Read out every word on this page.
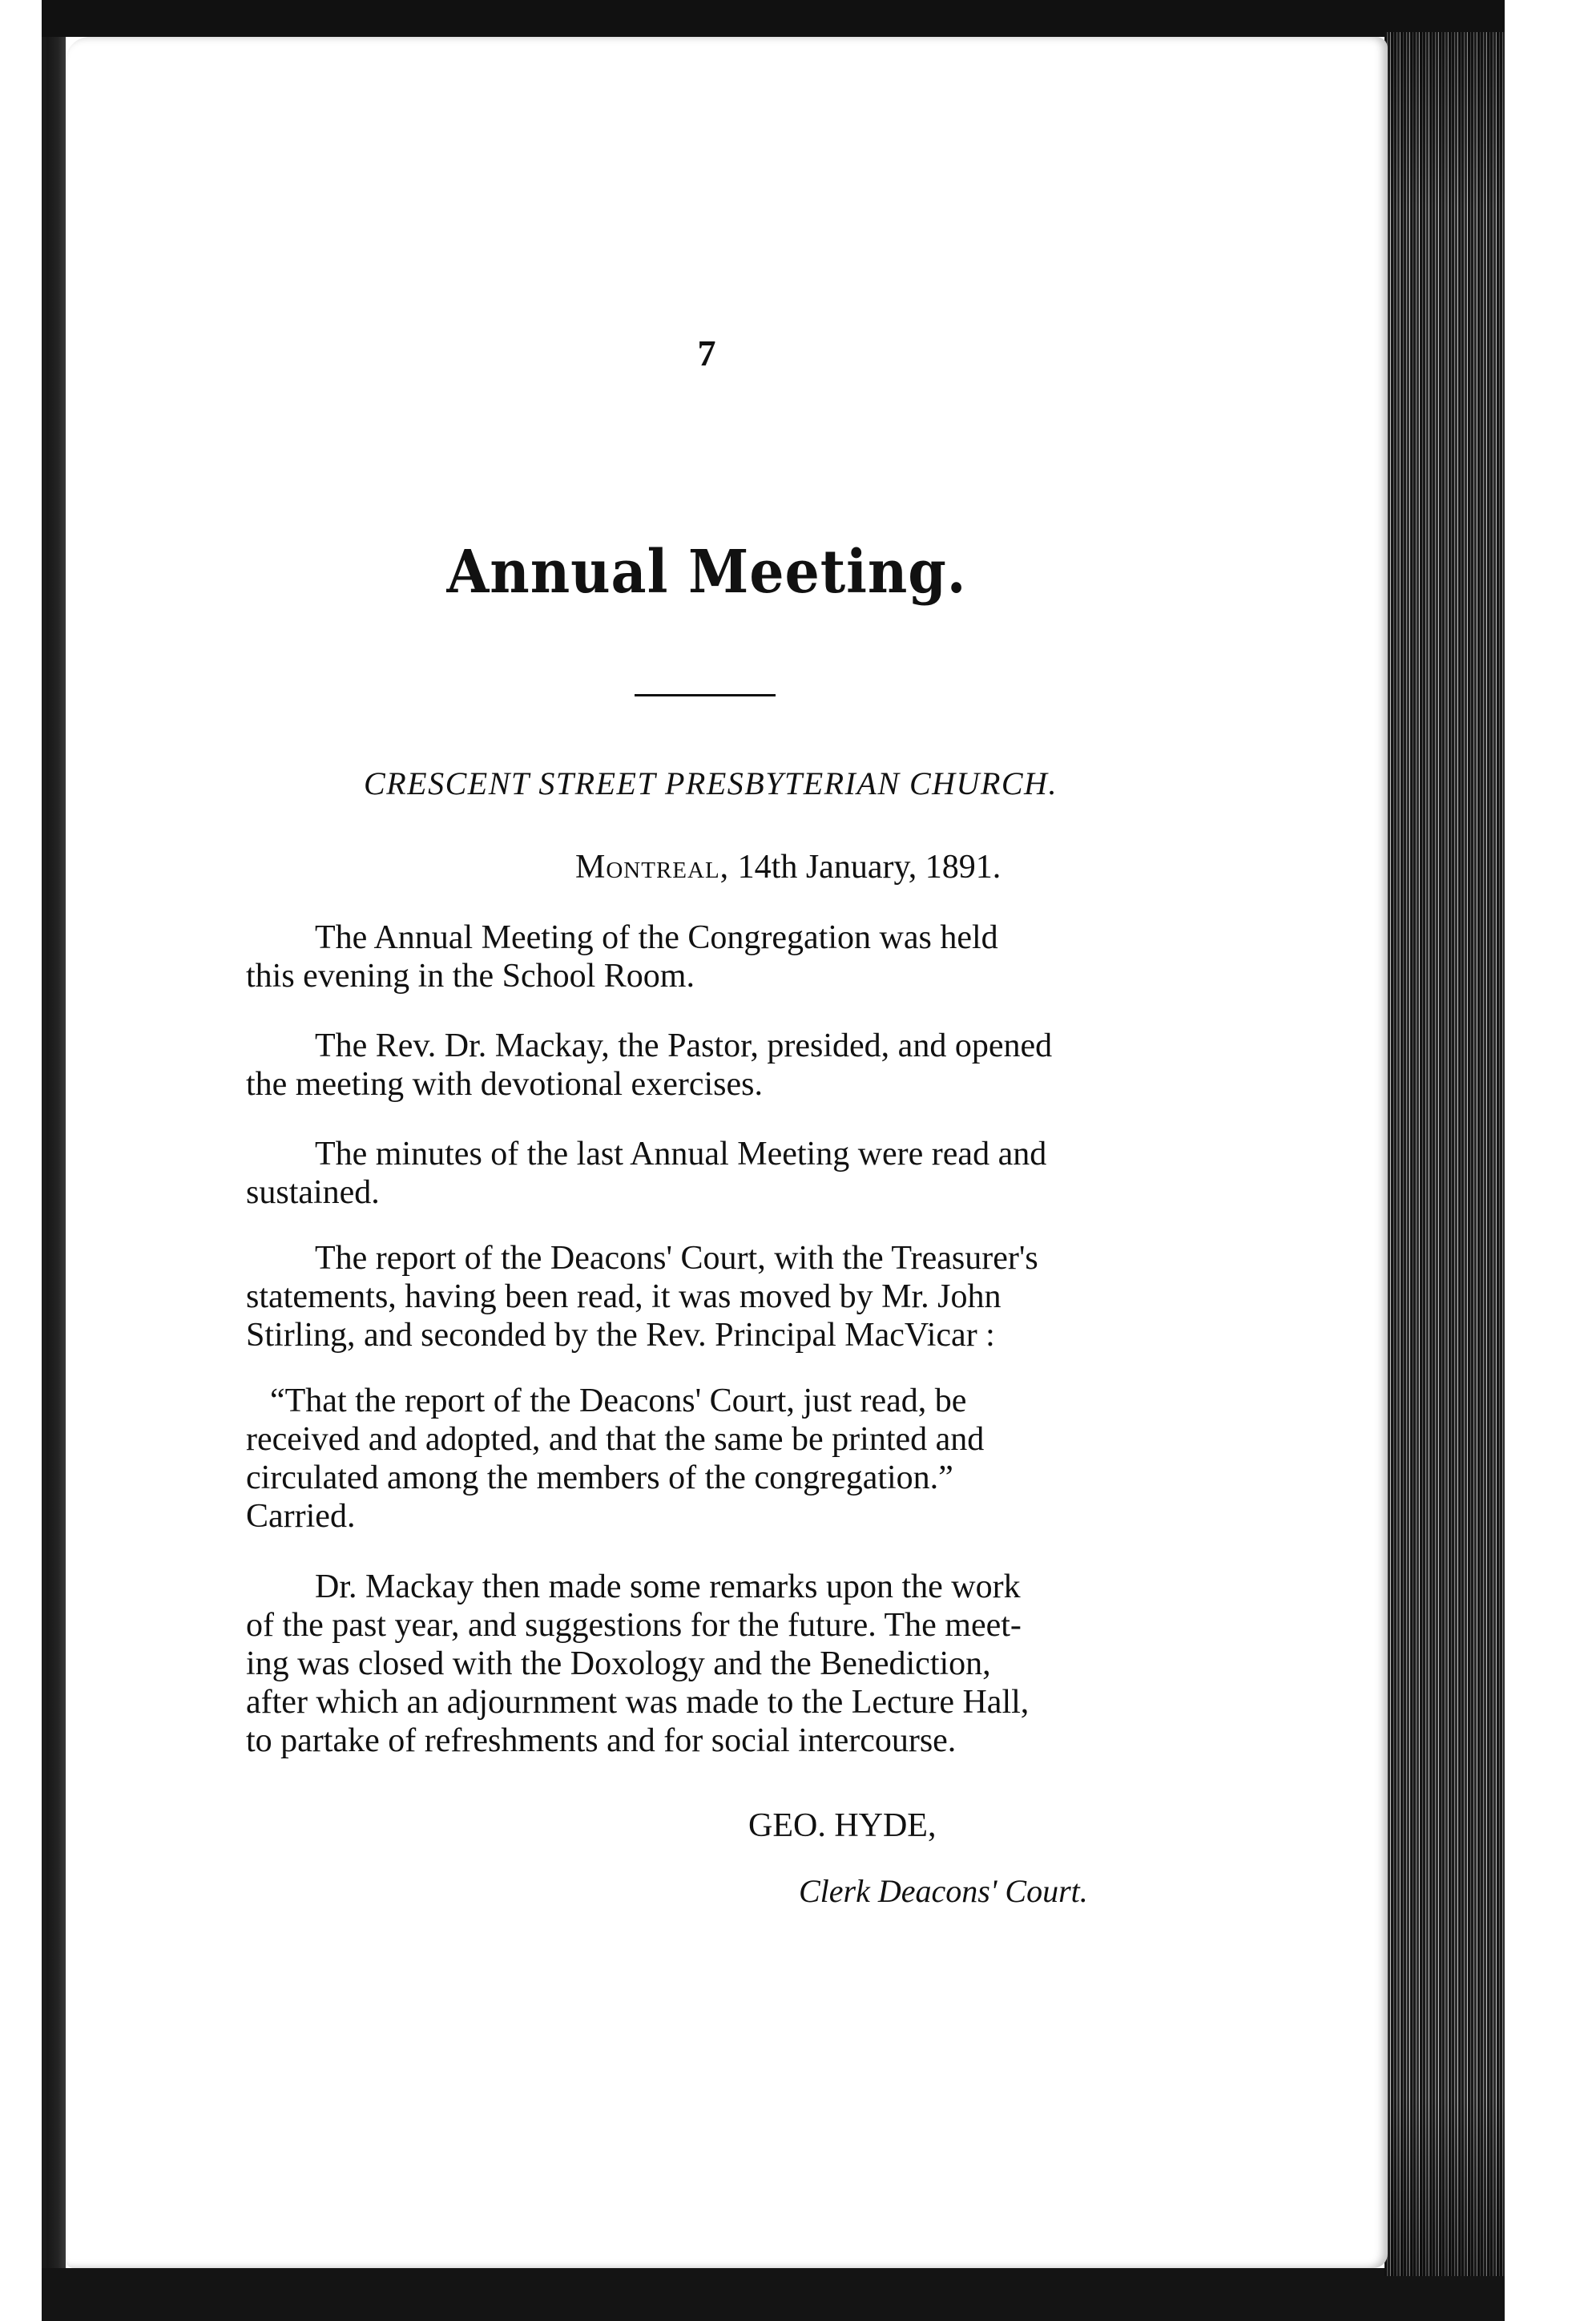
7
Annual Meeting.
CRESCENT STREET PRESBYTERIAN CHURCH.
Montreal, 14th January, 1891.
The Annual Meeting of the Congregation was held
this evening in the School Room.
The Rev. Dr. Mackay, the Pastor, presided, and opened
the meeting with devotional exercises.
The minutes of the last Annual Meeting were read and
sustained.
The report of the Deacons' Court, with the Treasurer's
statements, having been read, it was moved by Mr. John
Stirling, and seconded by the Rev. Principal MacVicar :
“That the report of the Deacons' Court, just read, be
received and adopted, and that the same be printed and
circulated among the members of the congregation.”
Carried.
Dr. Mackay then made some remarks upon the work
of the past year, and suggestions for the future. The meet-
ing was closed with the Doxology and the Benediction,
after which an adjournment was made to the Lecture Hall,
to partake of refreshments and for social intercourse.
GEO. HYDE,
Clerk Deacons' Court.
